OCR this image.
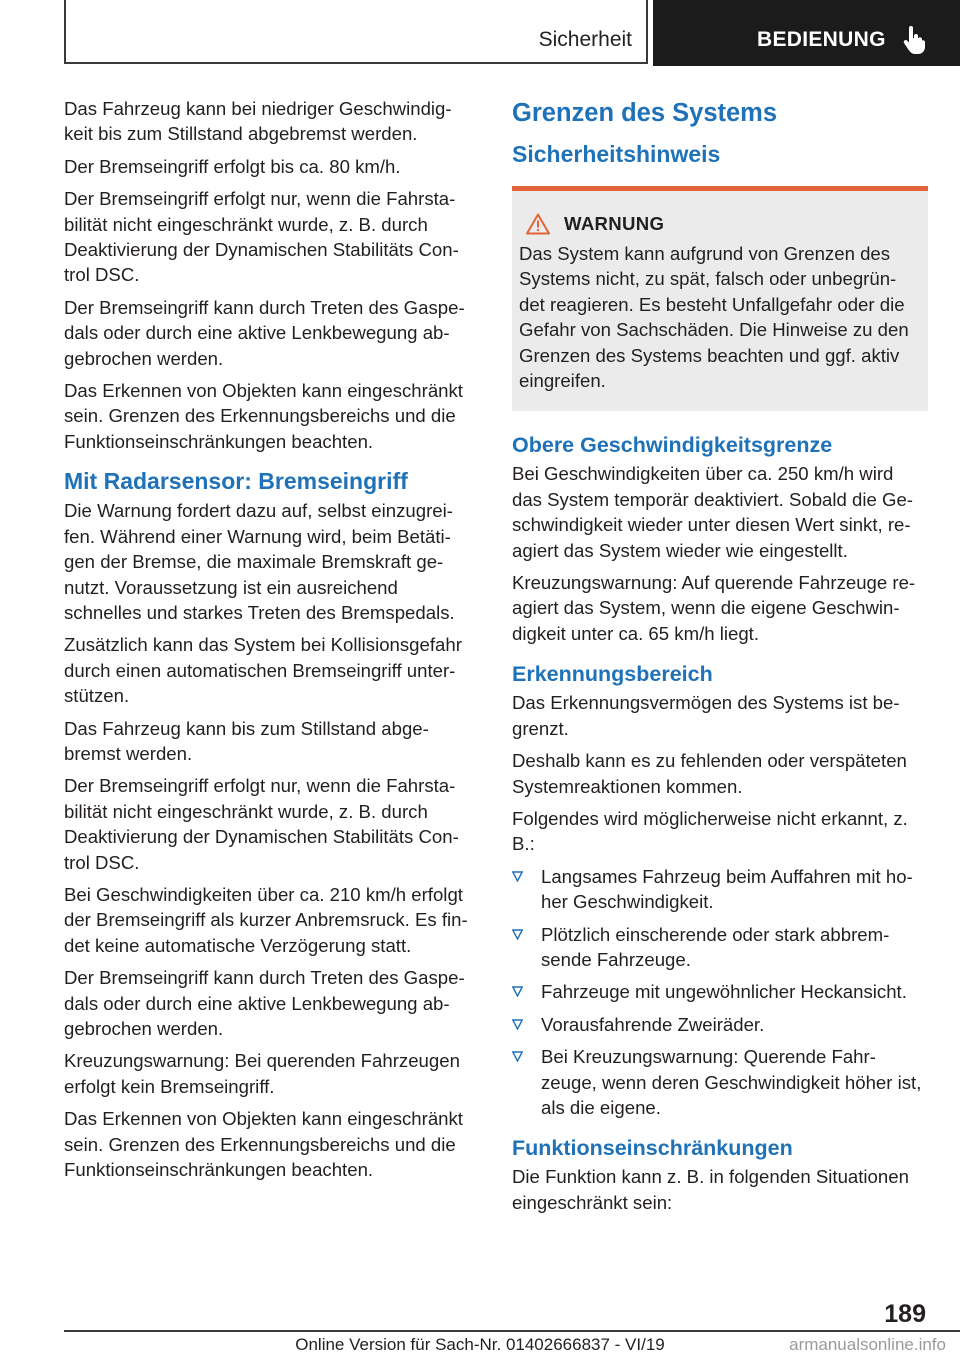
Sicherheit	BEDIENUNG

Das Fahrzeug kann bei niedriger Geschwindig-keit bis zum Stillstand abgebremst werden.

Der Bremseingriff erfolgt bis ca. 80 km/h.

Der Bremseingriff erfolgt nur, wenn die Fahrsta-bilität nicht eingeschränkt wurde, z. B. durch Deaktivierung der Dynamischen Stabilitäts Con-trol DSC.

Der Bremseingriff kann durch Treten des Gaspe-dals oder durch eine aktive Lenkbewegung ab-gebrochen werden.

Das Erkennen von Objekten kann eingeschränkt sein. Grenzen des Erkennungsbereichs und die Funktionseinschränkungen beachten.

Mit Radarsensor: Bremseingriff

Die Warnung fordert dazu auf, selbst einzugrei-fen. Während einer Warnung wird, beim Betäti-gen der Bremse, die maximale Bremskraft ge-nutzt. Voraussetzung ist ein ausreichend schnelles und starkes Treten des Bremspedals.

Zusätzlich kann das System bei Kollisionsgefahr durch einen automatischen Bremseingriff unter-stützen.

Das Fahrzeug kann bis zum Stillstand abge-bremst werden.

Der Bremseingriff erfolgt nur, wenn die Fahrsta-bilität nicht eingeschränkt wurde, z. B. durch Deaktivierung der Dynamischen Stabilitäts Con-trol DSC.

Bei Geschwindigkeiten über ca. 210 km/h erfolgt der Bremseingriff als kurzer Anbremsruck. Es fin-det keine automatische Verzögerung statt.

Der Bremseingriff kann durch Treten des Gaspe-dals oder durch eine aktive Lenkbewegung ab-gebrochen werden.

Kreuzungswarnung: Bei querenden Fahrzeugen erfolgt kein Bremseingriff.

Das Erkennen von Objekten kann eingeschränkt sein. Grenzen des Erkennungsbereichs und die Funktionseinschränkungen beachten.

Grenzen des Systems
Sicherheitshinweis
WARNUNG

Das System kann aufgrund von Grenzen des Systems nicht, zu spät, falsch oder unbegrün-det reagieren. Es besteht Unfallgefahr oder die Gefahr von Sachschäden. Die Hinweise zu den Grenzen des Systems beachten und ggf. aktiv eingreifen.

Obere Geschwindigkeitsgrenze

Bei Geschwindigkeiten über ca. 250 km/h wird das System temporär deaktiviert. Sobald die Ge-schwindigkeit wieder unter diesen Wert sinkt, re-agiert das System wieder wie eingestellt.

Kreuzungswarnung: Auf querende Fahrzeuge re-agiert das System, wenn die eigene Geschwin-digkeit unter ca. 65 km/h liegt.

Erkennungsbereich

Das Erkennungsvermögen des Systems ist be-grenzt.

Deshalb kann es zu fehlenden oder verspäteten Systemreaktionen kommen.

Folgendes wird möglicherweise nicht erkannt, z. B.:

Langsames Fahrzeug beim Auffahren mit ho-her Geschwindigkeit.
Plötzlich einscherende oder stark abbrem-sende Fahrzeuge.
Fahrzeuge mit ungewöhnlicher Heckansicht.
Vorausfahrende Zweiräder.
Bei Kreuzungswarnung: Querende Fahr-zeuge, wenn deren Geschwindigkeit höher ist, als die eigene.
Funktionseinschränkungen

Die Funktion kann z. B. in folgenden Situationen eingeschränkt sein:

189
Online Version für Sach-Nr. 01402666837 - VI/19	armanualsonline.info
